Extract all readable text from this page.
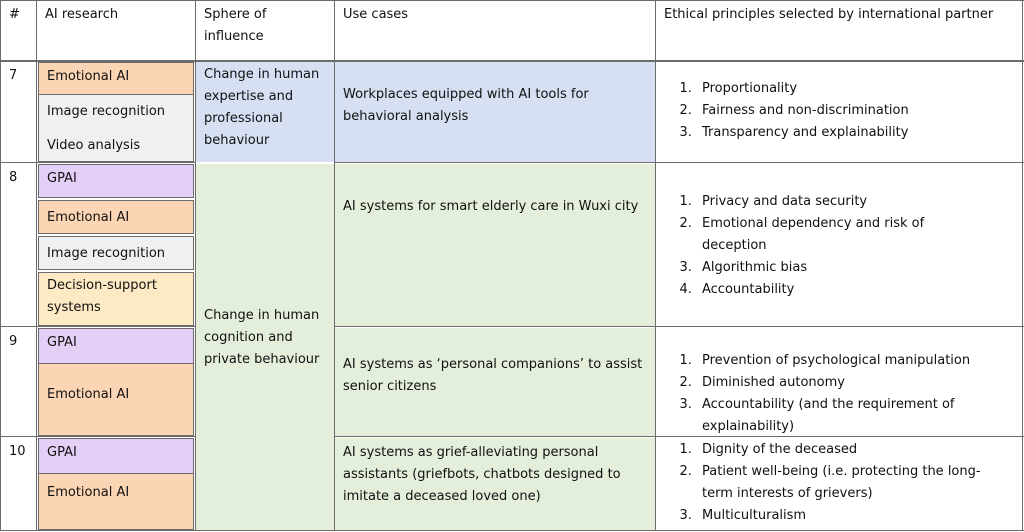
#	AI research	Sphere of influence
Use cases	Ethical principles selected by international partner
7	Emotional AI
Image recognition
Video analysis
Change in human expertise and professional behaviour
Workplaces equipped with AI tools for behavioral analysis
1. Proportionality
2. Fairness and non-discrimination
3. Transparency and explainability
8	GPAI
Emotional AI
Image recognition
Decision-support systems
Change in human cognition and private behaviour
AI systems for smart elderly care in Wuxi city
1.	Privacy and data security
2. Emotional dependency and risk of deception
3. Algorithmic bias
4. Accountability
9	GPAI
Emotional AI
AI systems as ‘personal companions’ to assist senior citizens
1. Prevention of psychological manipulation
2. Diminished autonomy
3. Accountability (and the requirement of explainability)
10 GPAI
Emotional AI
AI systems as grief-alleviating personal assistants (griefbots, chatbots designed to imitate a deceased loved one)
1. Dignity of the deceased
2. Patient well-being (i.e. protecting the long-term interests of grievers)
3. Multiculturalism
